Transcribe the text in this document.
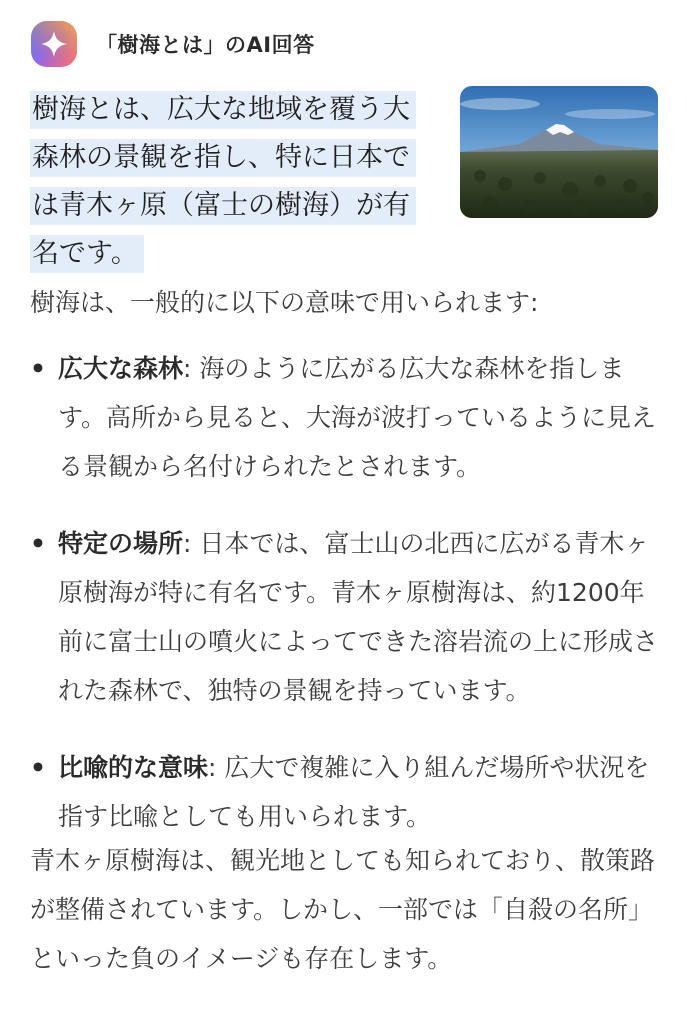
「樹海とは」のAI回答

樹海とは、広大な地域を覆う大森林の景観を指し、特に日本では青木ヶ原（富士の樹海）が有名です。

樹海は、一般的に以下の意味で用いられます:

• 広大な森林: 海のように広がる広大な森林を指します。高所から見ると、大海が波打っているように見える景観から名付けられたとされます。
• 特定の場所: 日本では、富士山の北西に広がる青木ヶ原樹海が特に有名です。青木ヶ原樹海は、約1200年前に富士山の噴火によってできた溶岩流の上に形成された森林で、独特の景観を持っています。
• 比喩的な意味: 広大で複雑に入り組んだ場所や状況を指す比喩としても用いられます。

青木ヶ原樹海は、観光地としても知られており、散策路が整備されています。しかし、一部では「自殺の名所」といった負のイメージも存在します。
